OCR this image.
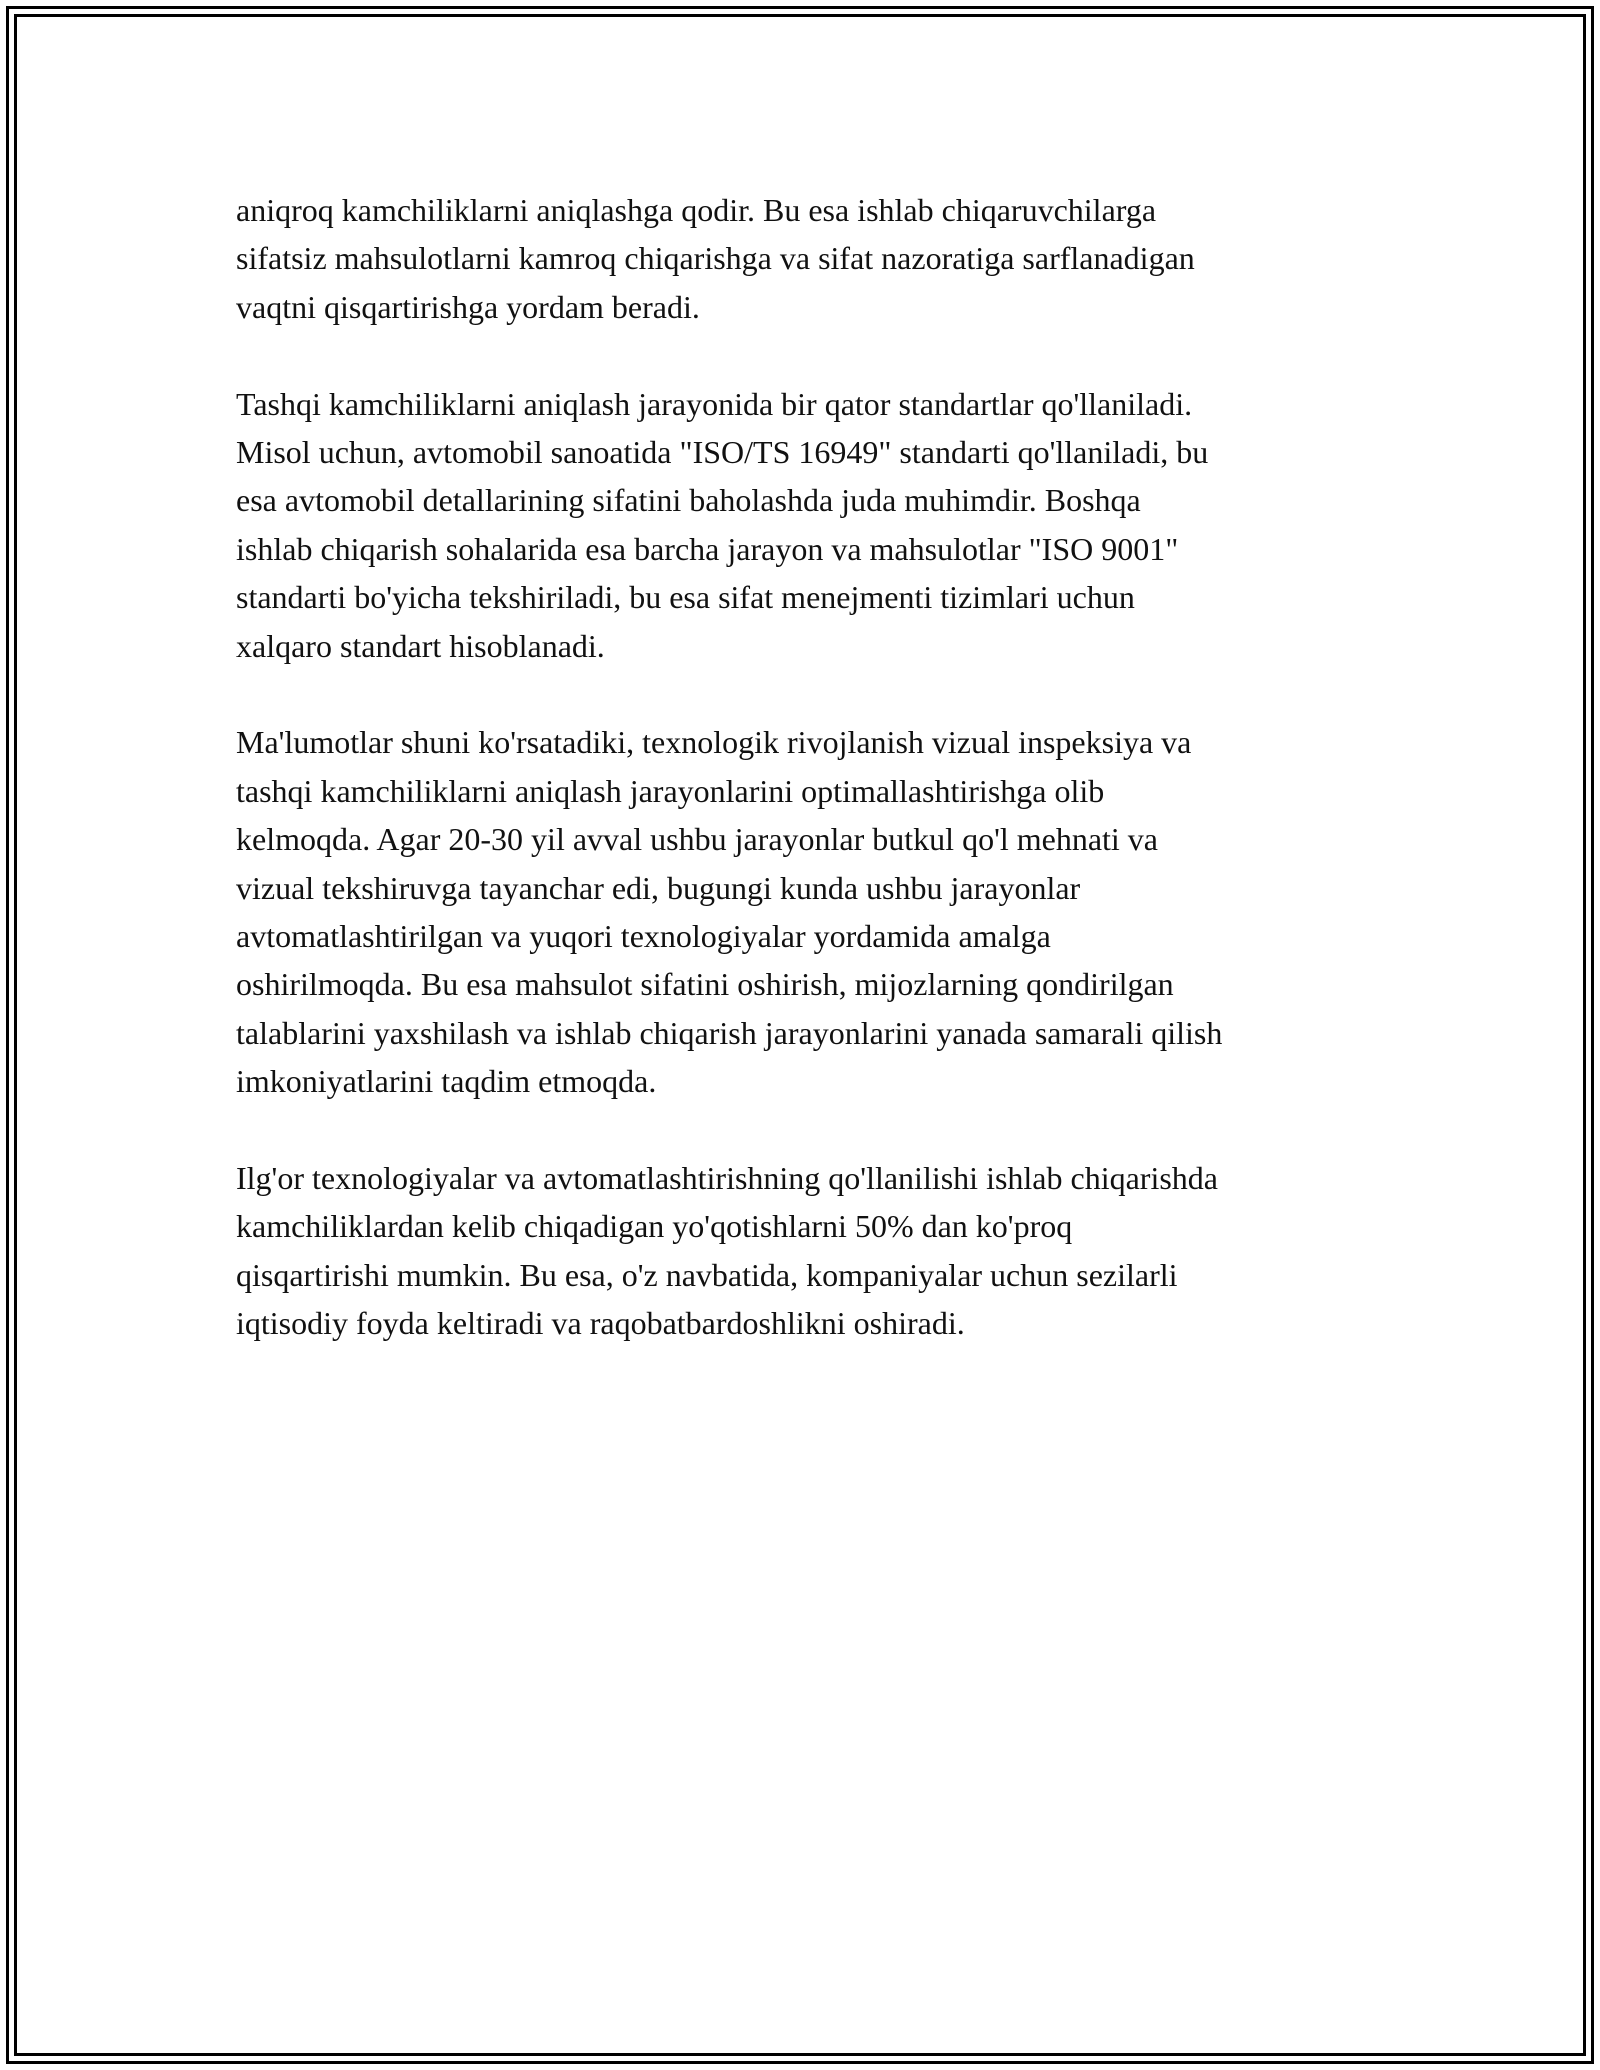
aniqroq kamchiliklarni aniqlashga qodir. Bu esa ishlab chiqaruvchilarga
sifatsiz mahsulotlarni kamroq chiqarishga va sifat nazoratiga sarflanadigan
vaqtni qisqartirishga yordam beradi.

Tashqi kamchiliklarni aniqlash jarayonida bir qator standartlar qo'llaniladi.
Misol uchun, avtomobil sanoatida "ISO/TS 16949" standarti qo'llaniladi, bu
esa avtomobil detallarining sifatini baholashda juda muhimdir. Boshqa
ishlab chiqarish sohalarida esa barcha jarayon va mahsulotlar "ISO 9001"
standarti bo'yicha tekshiriladi, bu esa sifat menejmenti tizimlari uchun
xalqaro standart hisoblanadi.

Ma'lumotlar shuni ko'rsatadiki, texnologik rivojlanish vizual inspeksiya va
tashqi kamchiliklarni aniqlash jarayonlarini optimallashtirishga olib
kelmoqda. Agar 20-30 yil avval ushbu jarayonlar butkul qo'l mehnati va
vizual tekshiruvga tayanchar edi, bugungi kunda ushbu jarayonlar
avtomatlashtirilgan va yuqori texnologiyalar yordamida amalga
oshirilmoqda. Bu esa mahsulot sifatini oshirish, mijozlarning qondirilgan
talablarini yaxshilash va ishlab chiqarish jarayonlarini yanada samarali qilish
imkoniyatlarini taqdim etmoqda.

Ilg'or texnologiyalar va avtomatlashtirishning qo'llanilishi ishlab chiqarishda
kamchiliklardan kelib chiqadigan yo'qotishlarni 50% dan ko'proq
qisqartirishi mumkin. Bu esa, o'z navbatida, kompaniyalar uchun sezilarli
iqtisodiy foyda keltiradi va raqobatbardoshlikni oshiradi.
